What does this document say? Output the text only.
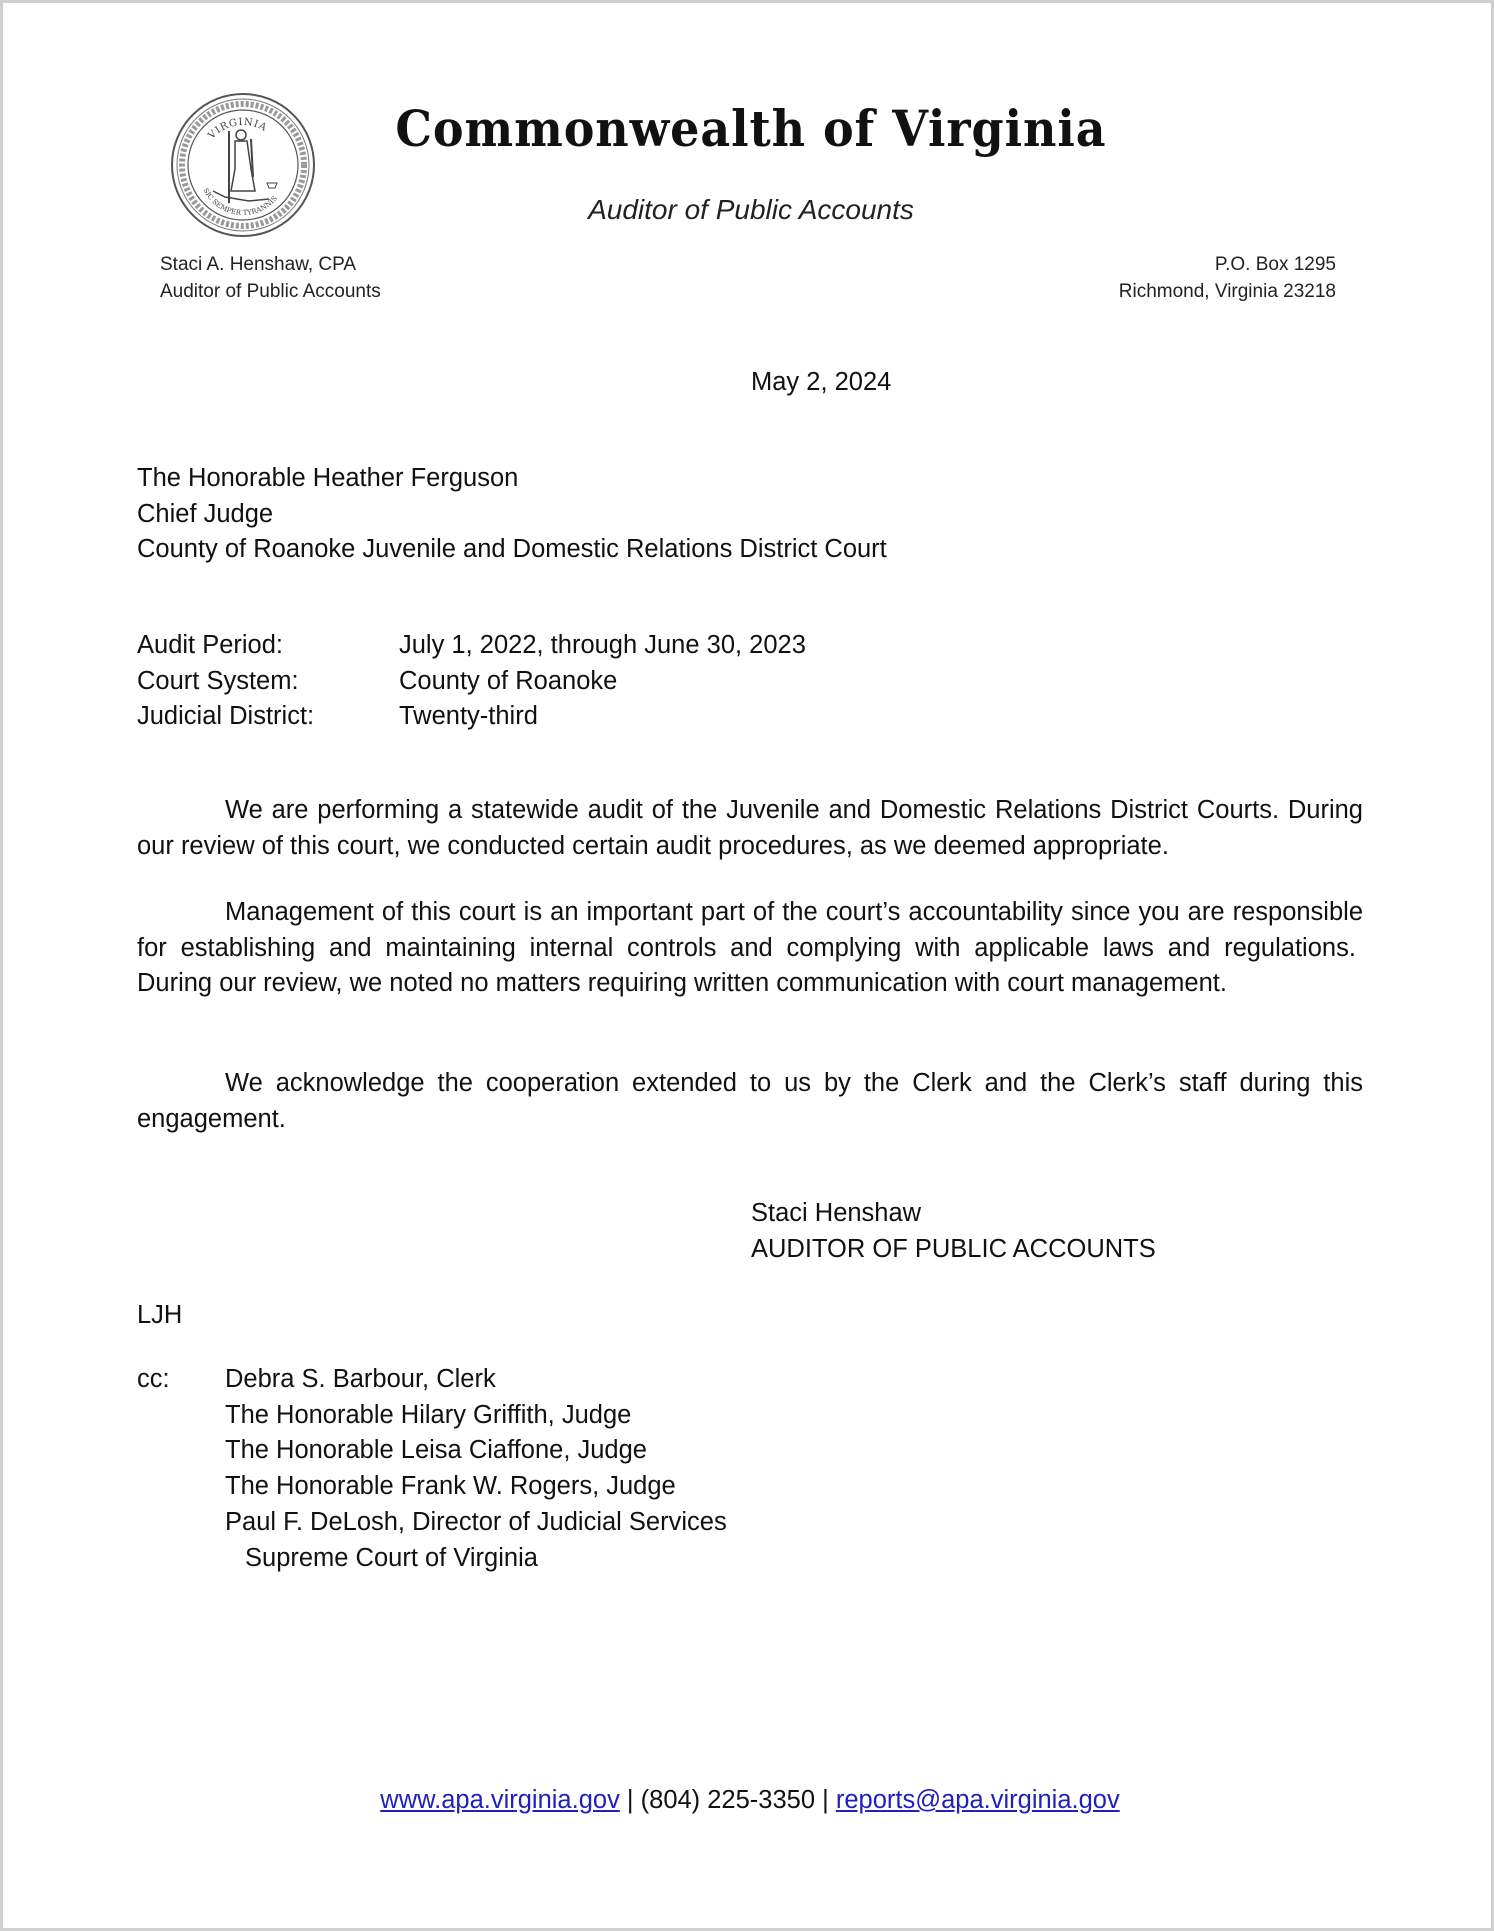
VIRGINIA
SIC SEMPER TYRANNIS
Commonwealth of Virginia
Auditor of Public Accounts
Staci A. Henshaw, CPA
Auditor of Public Accounts
P.O. Box 1295
Richmond, Virginia 23218
May 2, 2024
The Honorable Heather Ferguson
Chief Judge
County of Roanoke Juvenile and Domestic Relations District Court
Audit Period:	July 1, 2022, through June 30, 2023
Court System:	County of Roanoke
Judicial District:	Twenty-third
We are performing a statewide audit of the Juvenile and Domestic Relations District Courts. During our review of this court, we conducted certain audit procedures, as we deemed appropriate.
Management of this court is an important part of the court’s accountability since you are responsible for establishing and maintaining internal controls and complying with applicable laws and regulations.  During our review, we noted no matters requiring written communication with court management.
We acknowledge the cooperation extended to us by the Clerk and the Clerk’s staff during this engagement.
Staci Henshaw
AUDITOR OF PUBLIC ACCOUNTS
LJH
cc:	Debra S. Barbour, Clerk
The Honorable Hilary Griffith, Judge
The Honorable Leisa Ciaffone, Judge
The Honorable Frank W. Rogers, Judge
Paul F. DeLosh, Director of Judicial Services
Supreme Court of Virginia
www.apa.virginia.gov | (804) 225-3350 | reports@apa.virginia.gov
